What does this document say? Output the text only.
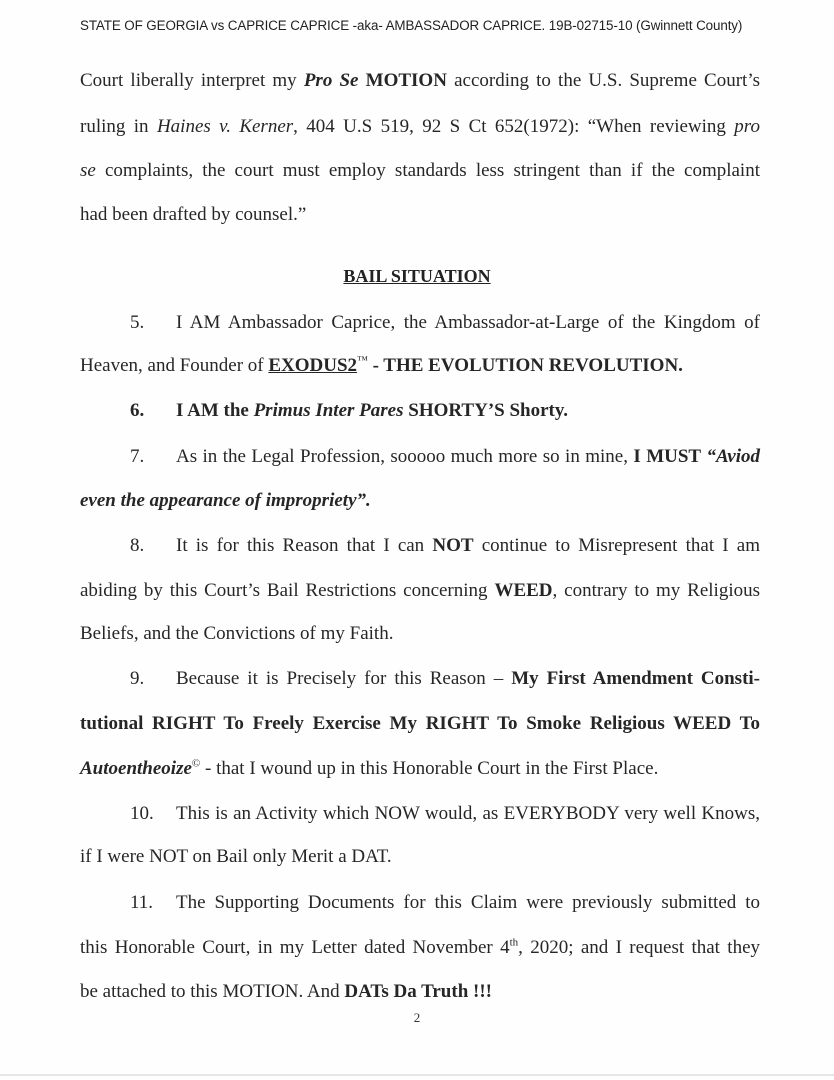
STATE OF GEORGIA vs CAPRICE CAPRICE -aka- AMBASSADOR CAPRICE. 19B-02715-10 (Gwinnett County)
Court liberally interpret my Pro Se MOTION according to the U.S. Supreme Court’s
ruling in Haines v. Kerner, 404 U.S 519, 92 S Ct 652(1972): “When reviewing pro
se complaints, the court must employ standards less stringent than if the complaint
had been drafted by counsel.”
BAIL SITUATION
5. I AM Ambassador Caprice, the Ambassador-at-Large of the Kingdom of
Heaven, and Founder of EXODUS2™ - THE EVOLUTION REVOLUTION.
6. I AM the Primus Inter Pares SHORTY’S Shorty.
7. As in the Legal Profession, sooooo much more so in mine, I MUST “Aviod
even the appearance of impropriety”.
8. It is for this Reason that I can NOT continue to Misrepresent that I am
abiding by this Court’s Bail Restrictions concerning WEED, contrary to my Religious
Beliefs, and the Convictions of my Faith.
9. Because it is Precisely for this Reason – My First Amendment Consti-
tutional RIGHT To Freely Exercise My RIGHT To Smoke Religious WEED To
Autoentheoize© - that I wound up in this Honorable Court in the First Place.
10. This is an Activity which NOW would, as EVERYBODY very well Knows,
if I were NOT on Bail only Merit a DAT.
11. The Supporting Documents for this Claim were previously submitted to
this Honorable Court, in my Letter dated November 4th, 2020; and I request that they
be attached to this MOTION. And DATs Da Truth !!!
2
